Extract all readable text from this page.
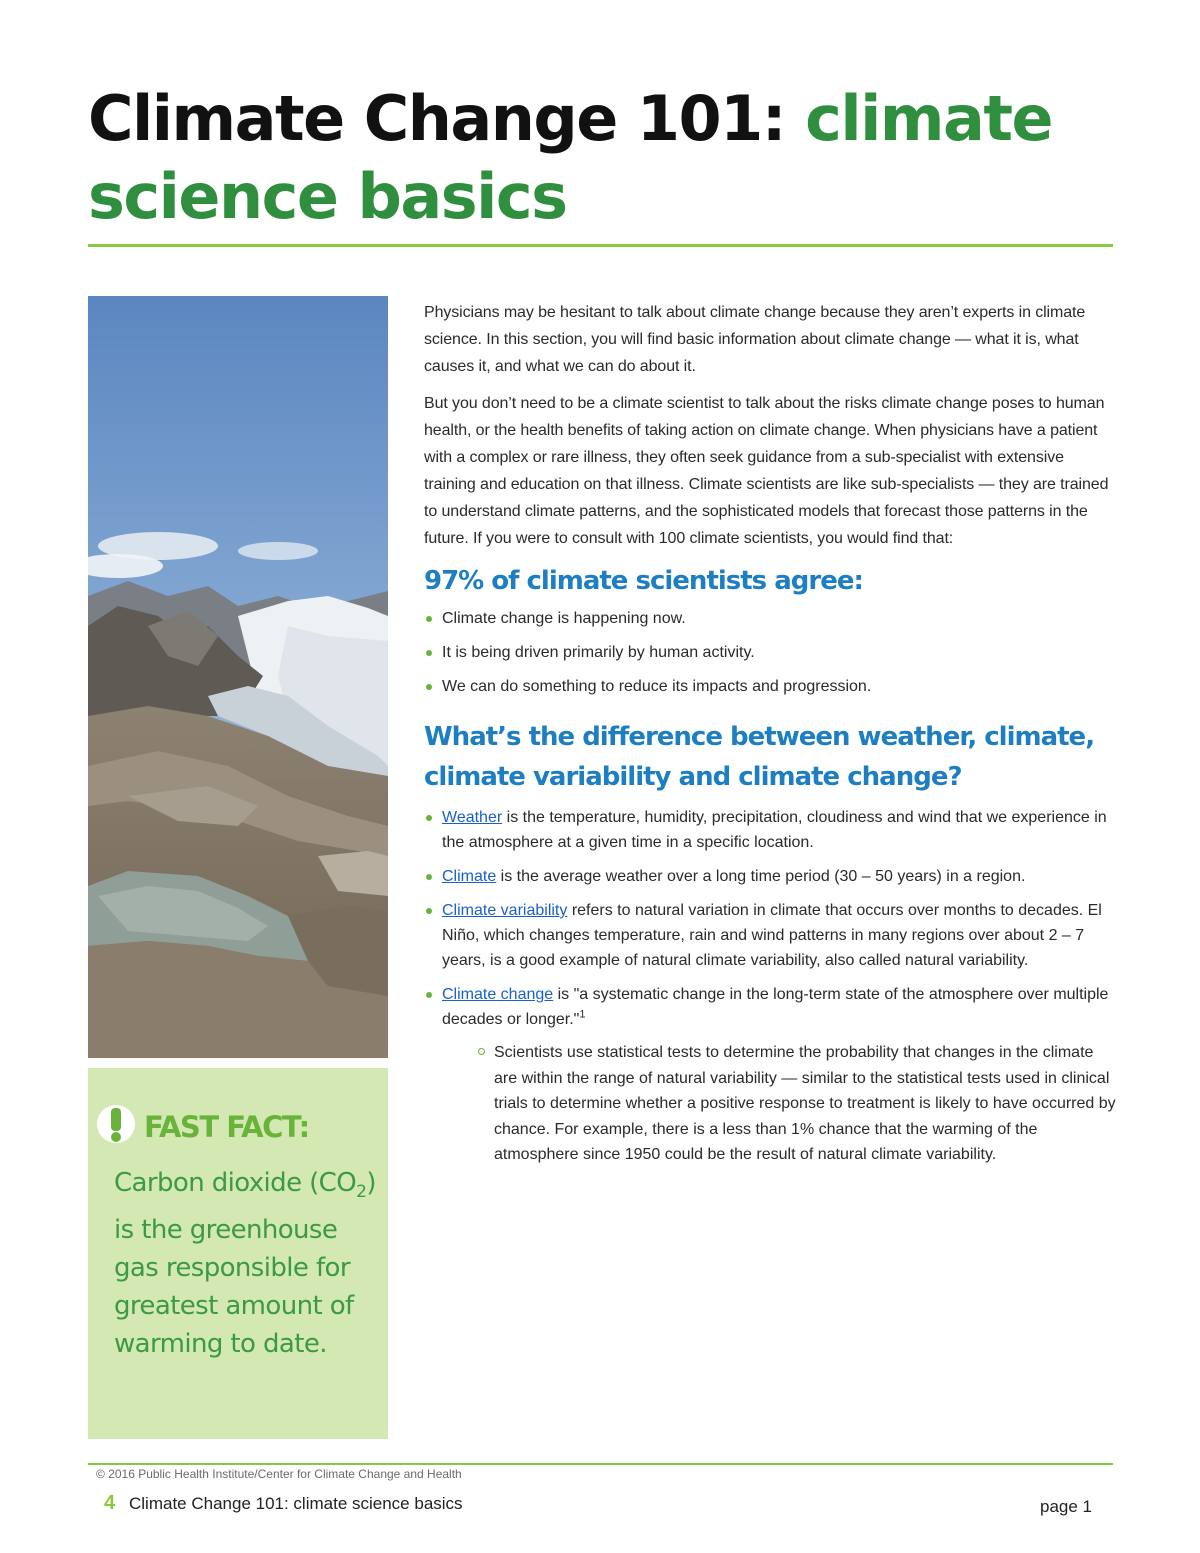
Climate Change 101: climate science basics
FAST FACT:

Carbon dioxide $(CO_2)$ is the greenhouse gas responsible for greatest amount of warming to date.

Physicians may be hesitant to talk about climate change because they aren’t experts in climate science. In this section, you will find basic information about climate change — what it is, what causes it, and what we can do about it.

But you don’t need to be a climate scientist to talk about the risks climate change poses to human health, or the health benefits of taking action on climate change. When physicians have a patient with a complex or rare illness, they often seek guidance from a sub-specialist with extensive training and education on that illness. Climate scientists are like sub-specialists — they are trained to understand climate patterns, and the sophisticated models that forecast those patterns in the future. If you were to consult with 100 climate scientists, you would find that:

97% of climate scientists agree:
Climate change is happening now.
It is being driven primarily by human activity.
We can do something to reduce its impacts and progression.
What’s the difference between weather, climate, climate variability and climate change?
Weather is the temperature, humidity, precipitation, cloudiness and wind that we experience in the atmosphere at a given time in a specific location.
Climate is the average weather over a long time period (30 – 50 years) in a region.
Climate variability refers to natural variation in climate that occurs over months to decades. El Niño, which changes temperature, rain and wind patterns in many regions over about 2 – 7 years, is a good example of natural climate variability, also called natural variability.
Climate change is "a systematic change in the long-term state of the atmosphere over multiple decades or longer."$^1$
Scientists use statistical tests to determine the probability that changes in the climate are within the range of natural variability — similar to the statistical tests used in clinical trials to determine whether a positive response to treatment is likely to have occurred by chance. For example, there is a less than 1% chance that the warming of the atmosphere since 1950 could be the result of natural climate variability.

© 2016 Public Health Institute/Center for Climate Change and Health

4 Climate Change 101: climate science basics	page 1
